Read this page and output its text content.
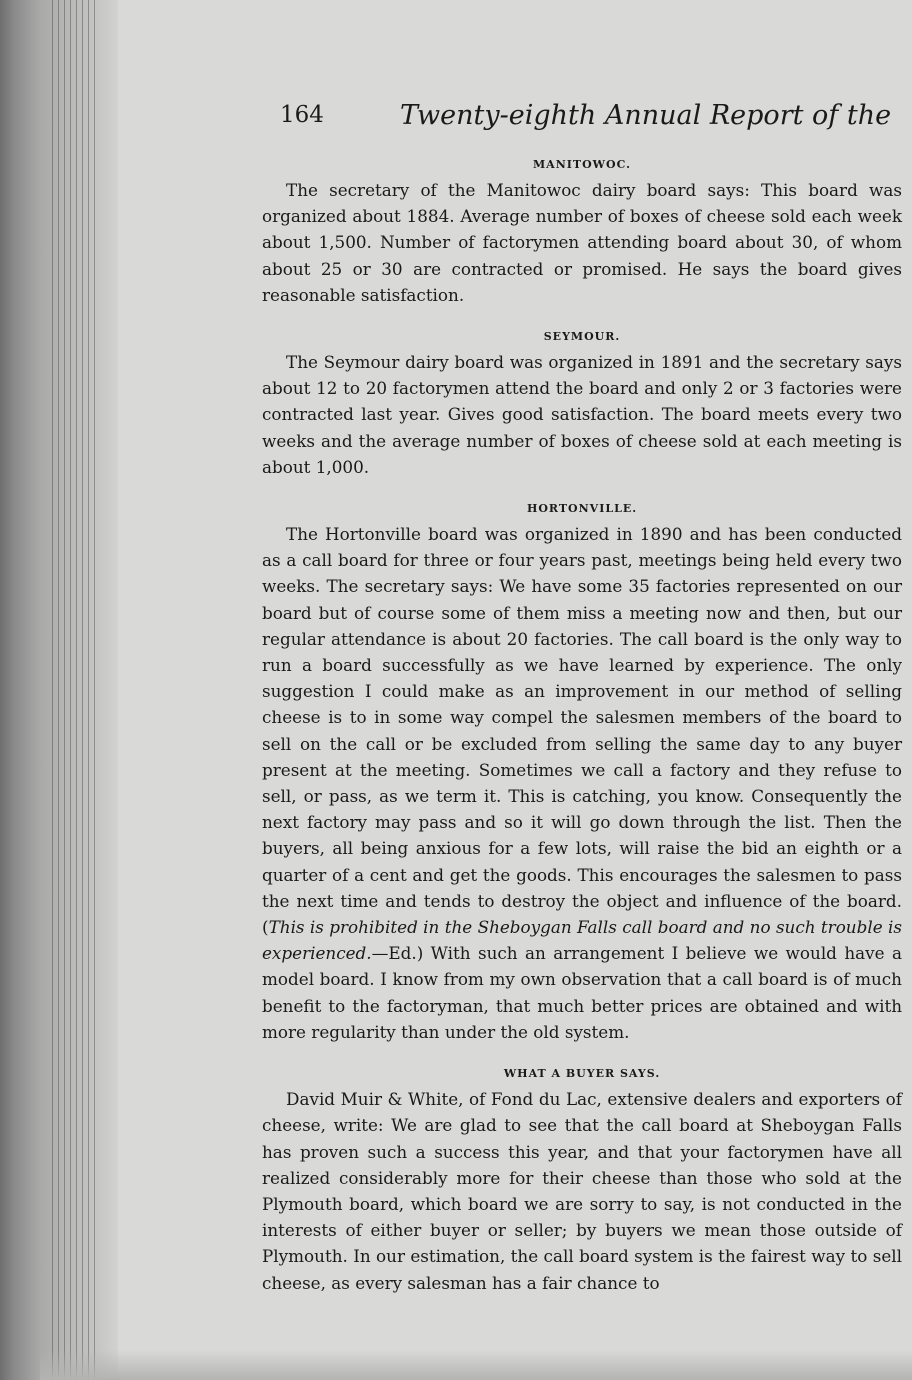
164	Twenty-eighth Annual Report of the
MANITOWOC.

The secretary of the Manitowoc dairy board says: This board was organized about 1884. Average number of boxes of cheese sold each week about 1,500. Number of factorymen attending board about 30, of whom about 25 or 30 are contracted or promised. He says the board gives reasonable satisfaction.

SEYMOUR.

The Seymour dairy board was organized in 1891 and the secretary says about 12 to 20 factorymen attend the board and only 2 or 3 factories were contracted last year. Gives good satisfaction. The board meets every two weeks and the average number of boxes of cheese sold at each meeting is about 1,000.

HORTONVILLE.

The Hortonville board was organized in 1890 and has been conducted as a call board for three or four years past, meetings being held every two weeks. The secretary says: We have some 35 factories represented on our board but of course some of them miss a meeting now and then, but our regular attendance is about 20 factories. The call board is the only way to run a board successfully as we have learned by experience. The only suggestion I could make as an improvement in our method of selling cheese is to in some way compel the salesmen members of the board to sell on the call or be excluded from selling the same day to any buyer present at the meeting. Sometimes we call a factory and they refuse to sell, or pass, as we term it. This is catching, you know. Consequently the next factory may pass and so it will go down through the list. Then the buyers, all being anxious for a few lots, will raise the bid an eighth or a quarter of a cent and get the goods. This encourages the salesmen to pass the next time and tends to destroy the object and influence of the board. (This is prohibited in the Sheboygan Falls call board and no such trouble is experienced.—Ed.) With such an arrangement I believe we would have a model board. I know from my own observation that a call board is of much benefit to the factoryman, that much better prices are obtained and with more regularity than under the old system.

WHAT A BUYER SAYS.

David Muir & White, of Fond du Lac, extensive dealers and exporters of cheese, write: We are glad to see that the call board at Sheboygan Falls has proven such a success this year, and that your factorymen have all realized considerably more for their cheese than those who sold at the Plymouth board, which board we are sorry to say, is not conducted in the interests of either buyer or seller; by buyers we mean those outside of Plymouth. In our estimation, the call board system is the fairest way to sell cheese, as every salesman has a fair chance to
